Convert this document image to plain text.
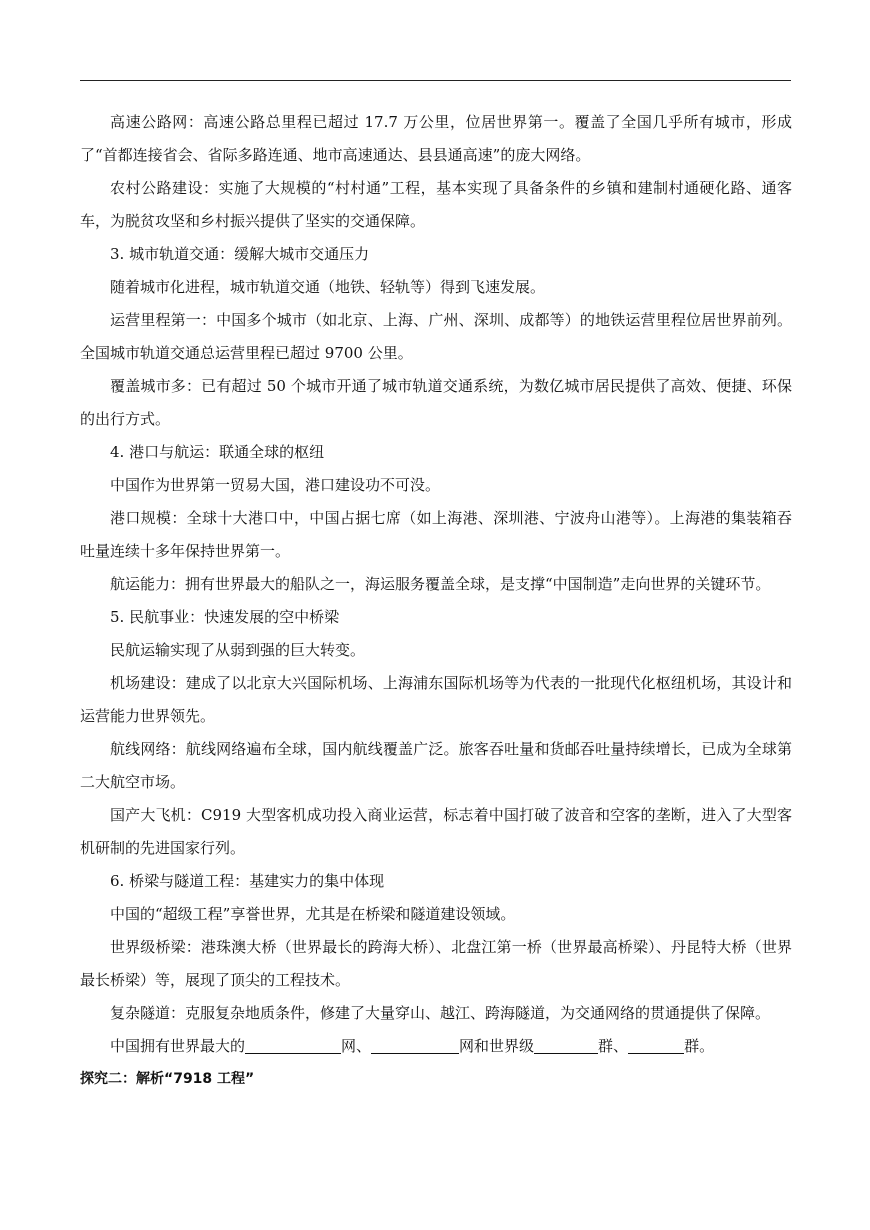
高速公路网：高速公路总里程已超过 17.7 万公里，位居世界第一。覆盖了全国几乎所有城市，形成了“首都连接省会、省际多路连通、地市高速通达、县县通高速”的庞大网络。

农村公路建设：实施了大规模的“村村通”工程，基本实现了具备条件的乡镇和建制村通硬化路、通客车，为脱贫攻坚和乡村振兴提供了坚实的交通保障。

3. 城市轨道交通：缓解大城市交通压力

随着城市化进程，城市轨道交通（地铁、轻轨等）得到飞速发展。

运营里程第一：中国多个城市（如北京、上海、广州、深圳、成都等）的地铁运营里程位居世界前列。全国城市轨道交通总运营里程已超过 9700 公里。

覆盖城市多：已有超过 50 个城市开通了城市轨道交通系统，为数亿城市居民提供了高效、便捷、环保的出行方式。

4. 港口与航运：联通全球的枢纽

中国作为世界第一贸易大国，港口建设功不可没。

港口规模：全球十大港口中，中国占据七席（如上海港、深圳港、宁波舟山港等）。上海港的集装箱吞吐量连续十多年保持世界第一。

航运能力：拥有世界最大的船队之一，海运服务覆盖全球，是支撑“中国制造”走向世界的关键环节。

5. 民航事业：快速发展的空中桥梁

民航运输实现了从弱到强的巨大转变。

机场建设：建成了以北京大兴国际机场、上海浦东国际机场等为代表的一批现代化枢纽机场，其设计和运营能力世界领先。

航线网络：航线网络遍布全球，国内航线覆盖广泛。旅客吞吐量和货邮吞吐量持续增长，已成为全球第二大航空市场。

国产大飞机：C919 大型客机成功投入商业运营，标志着中国打破了波音和空客的垄断，进入了大型客机研制的先进国家行列。

6. 桥梁与隧道工程：基建实力的集中体现

中国的“超级工程”享誉世界，尤其是在桥梁和隧道建设领域。

世界级桥梁：港珠澳大桥（世界最长的跨海大桥）、北盘江第一桥（世界最高桥梁）、丹昆特大桥（世界最长桥梁）等，展现了顶尖的工程技术。

复杂隧道：克服复杂地质条件，修建了大量穿山、越江、跨海隧道，为交通网络的贯通提供了保障。

中国拥有世界最大的	网、	网和世界级	群、	群。

探究二：解析“7918 工程”
